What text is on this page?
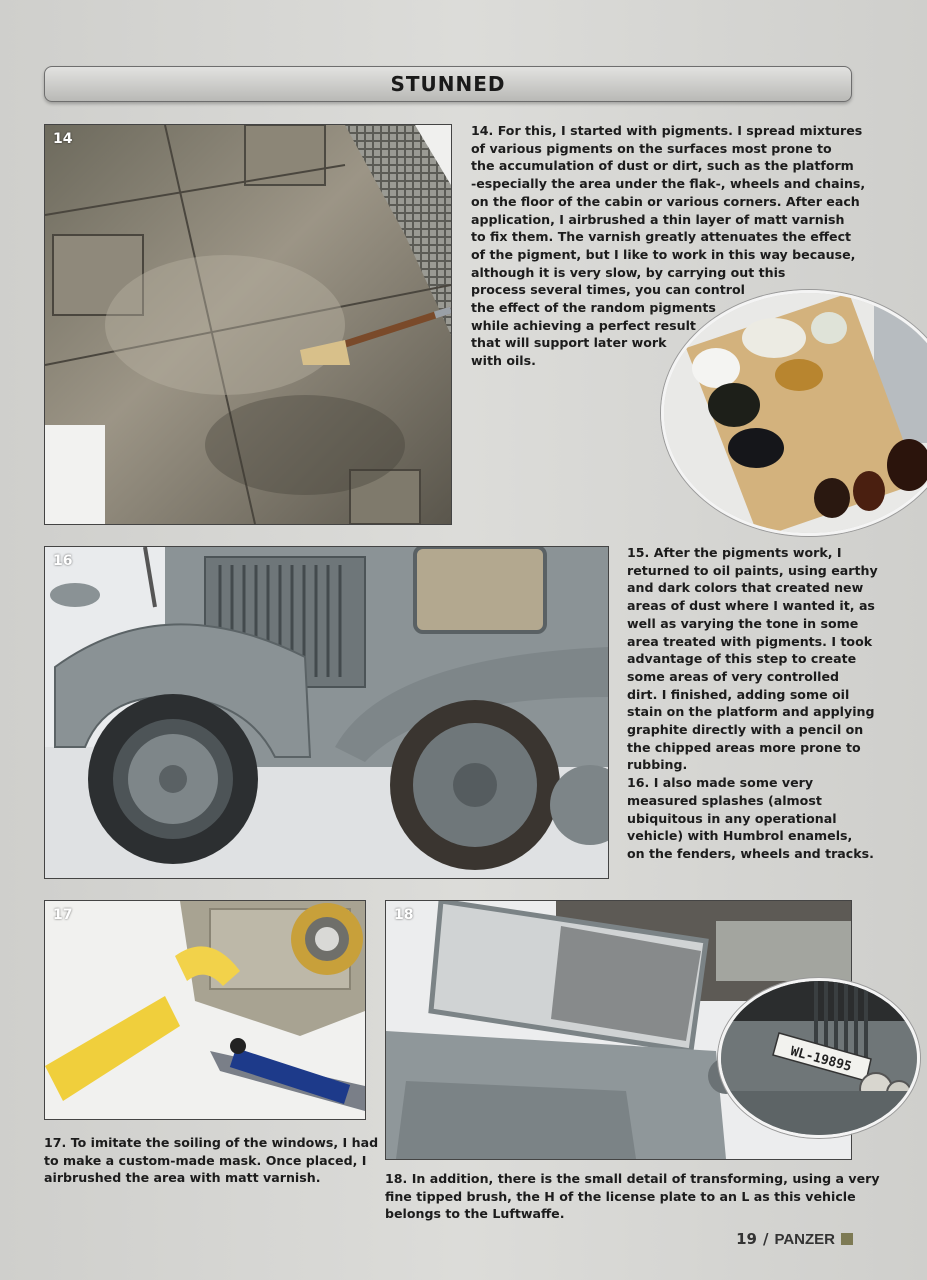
STUNNED
14
14. For this, I started with pigments. I spread mixtures
of various pigments on the surfaces most prone to
the accumulation of dust or dirt, such as the platform
-especially the area under the flak-, wheels and chains,
on the floor of the cabin or various corners. After each
application, I airbrushed a thin layer of matt varnish
to fix them. The varnish greatly attenuates the effect
of the pigment, but I like to work in this way because,
although it is very slow, by carrying out this
process several times, you can control
the effect of the random pigments
while achieving a perfect result
that will support later work
with oils.
16
15. After the pigments work, I
returned to oil paints, using earthy
and dark colors that created new
areas of dust where I wanted it, as
well as varying the tone in some
area treated with pigments. I took
advantage of this step to create
some areas of very controlled
dirt. I finished, adding some oil
stain on the platform and applying
graphite directly with a pencil on
the chipped areas more prone to
rubbing.
16. I also made some very
measured splashes (almost
ubiquitous in any operational
vehicle) with Humbrol enamels,
on the fenders, wheels and tracks.
17
17. To imitate the soiling of the windows, I had
to make a custom-made mask. Once placed, I
airbrushed the area with matt varnish.
18
WL-19895
18. In addition, there is the small detail of transforming, using a very
fine tipped brush, the H of the license plate to an L as this vehicle
belongs to the Luftwaffe.
19 / PANZER
